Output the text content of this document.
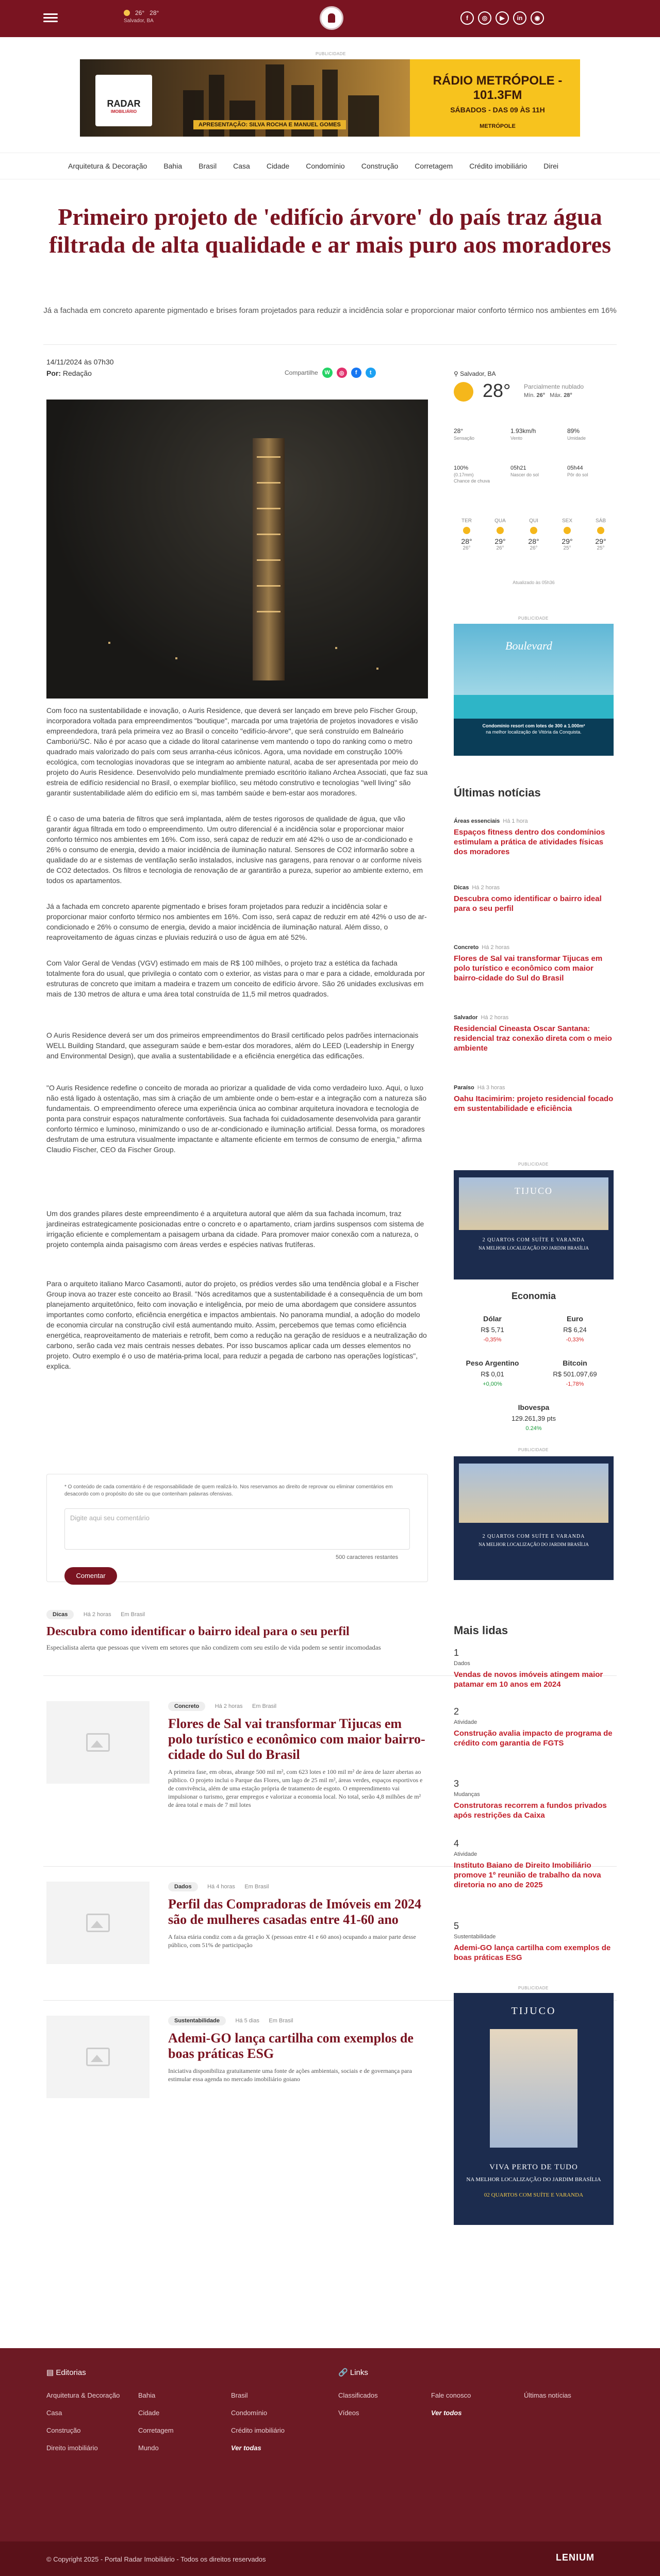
26° 28°
Salvador, BA	f	◎	▶	in	◉
PUBLICIDADE
RADAR
IMOBILIÁRIO
APRESENTAÇÃO: SILVA ROCHA E MANUEL GOMES
RÁDIO METRÓPOLE - 101.3FM

SÁBADOS - DAS 09 ÀS 11H

METRÓPOLE
Arquitetura & Decoração Bahia Brasil Casa Cidade Condomínio Construção Corretagem Crédito imobiliário Direi
Primeiro projeto de 'edifício árvore' do país traz água filtrada de alta qualidade e ar mais puro aos moradores

Já a fachada em concreto aparente pigmentado e brises foram projetados para reduzir a incidência solar e proporcionar maior conforto térmico nos ambientes em 16%

14/11/2024 às 07h30
Por: Redação	Compartilhe	W	◎	f	t

Com foco na sustentabilidade e inovação, o Auris Residence, que deverá ser lançado em breve pelo Fischer Group, incorporadora voltada para empreendimentos "boutique", marcada por uma trajetória de projetos inovadores e visão empreendedora, trará pela primeira vez ao Brasil o conceito "edifício-árvore", que será construído em Balneário Camboriú/SC. Não é por acaso que a cidade do litoral catarinense vem mantendo o topo do ranking como o metro quadrado mais valorizado do país com seus arranha-céus icônicos. Agora, uma novidade em construção 100% ecológica, com tecnologias inovadoras que se integram ao ambiente natural, acaba de ser apresentada por meio do projeto do Auris Residence. Desenvolvido pelo mundialmente premiado escritório italiano Archea Associati, que faz sua estreia de edifício residencial no Brasil, o exemplar biofílico, seu método construtivo e tecnologias "well living" são garantir sustentabilidade além do edifício em si, mas também saúde e bem-estar aos moradores.

É o caso de uma bateria de filtros que será implantada, além de testes rigorosos de qualidade de água, que vão garantir água filtrada em todo o empreendimento. Um outro diferencial é a incidência solar e proporcionar maior conforto térmico nos ambientes em 16%. Com isso, será capaz de reduzir em até 42% o uso de ar-condicionado e 26% o consumo de energia, devido a maior incidência de iluminação natural. Sensores de CO2 informarão sobre a qualidade do ar e sistemas de ventilação serão instalados, inclusive nas garagens, para renovar o ar conforme níveis de CO2 detectados. Os filtros e tecnologia de renovação de ar garantirão a pureza, superior ao ambiente externo, em todos os apartamentos.

Já a fachada em concreto aparente pigmentado e brises foram projetados para reduzir a incidência solar e proporcionar maior conforto térmico nos ambientes em 16%. Com isso, será capaz de reduzir em até 42% o uso de ar-condicionado e 26% o consumo de energia, devido a maior incidência de iluminação natural. Além disso, o reaproveitamento de águas cinzas e pluviais reduzirá o uso de água em até 52%.

Com Valor Geral de Vendas (VGV) estimado em mais de R$ 100 milhões, o projeto traz a estética da fachada totalmente fora do usual, que privilegia o contato com o exterior, as vistas para o mar e para a cidade, emoldurada por estruturas de concreto que imitam a madeira e trazem um conceito de edifício árvore. São 26 unidades exclusivas em mais de 130 metros de altura e uma área total construída de 11,5 mil metros quadrados.

O Auris Residence deverá ser um dos primeiros empreendimentos do Brasil certificado pelos padrões internacionais WELL Building Standard, que asseguram saúde e bem-estar dos moradores, além do LEED (Leadership in Energy and Environmental Design), que avalia a sustentabilidade e a eficiência energética das edificações.

"O Auris Residence redefine o conceito de morada ao priorizar a qualidade de vida como verdadeiro luxo. Aqui, o luxo não está ligado à ostentação, mas sim à criação de um ambiente onde o bem-estar e a integração com a natureza são fundamentais. O empreendimento oferece uma experiência única ao combinar arquitetura inovadora e tecnologia de ponta para construir espaços naturalmente confortáveis. Sua fachada foi cuidadosamente desenvolvida para garantir conforto térmico e luminoso, minimizando o uso de ar-condicionado e iluminação artificial. Dessa forma, os moradores desfrutam de uma estrutura visualmente impactante e altamente eficiente em termos de consumo de energia," afirma Claudio Fischer, CEO da Fischer Group.

Um dos grandes pilares deste empreendimento é a arquitetura autoral que além da sua fachada incomum, traz jardineiras estrategicamente posicionadas entre o concreto e o apartamento, criam jardins suspensos com sistema de irrigação eficiente e complementam a paisagem urbana da cidade. Para promover maior conexão com a natureza, o projeto contempla ainda paisagismo com áreas verdes e espécies nativas frutíferas.

Para o arquiteto italiano Marco Casamonti, autor do projeto, os prédios verdes são uma tendência global e a Fischer Group inova ao trazer este conceito ao Brasil. "Nós acreditamos que a sustentabilidade é a consequência de um bom planejamento arquitetônico, feito com inovação e inteligência, por meio de uma abordagem que considere assuntos importantes como conforto, eficiência energética e impactos ambientais. No panorama mundial, a adoção do modelo de economia circular na construção civil está aumentando muito. Assim, percebemos que temas como eficiência energética, reaproveitamento de materiais e retrofit, bem como a redução na geração de resíduos e a neutralização do carbono, serão cada vez mais centrais nesses debates. Por isso buscamos aplicar cada um desses elementos no projeto. Outro exemplo é o uso de matéria-prima local, para reduzir a pegada de carbono nas operações logísticas", explica.

* O conteúdo de cada comentário é de responsabilidade de quem realizá-lo. Nos reservamos ao direito de reprovar ou eliminar comentários em desacordo com o propósito do site ou que contenham palavras ofensivas.

Digite aqui seu comentário
500 caracteres restantes
Comentar
Dicas	Há 2 horas Em Brasil
Descubra como identificar o bairro ideal para o seu perfil

Especialista alerta que pessoas que vivem em setores que não condizem com seu estilo de vida podem se sentir incomodadas

Concreto	Há 2 horas Em Brasil
Flores de Sal vai transformar Tijucas em polo turístico e econômico com maior bairro-cidade do Sul do Brasil

A primeira fase, em obras, abrange 500 mil m², com 623 lotes e 100 mil m² de área de lazer abertas ao público. O projeto inclui o Parque das Flores, um lago de 25 mil m², áreas verdes, espaços esportivos e de convivência, além de uma estação própria de tratamento de esgoto. O empreendimento vai impulsionar o turismo, gerar empregos e valorizar a economia local. No total, serão 4,8 milhões de m² de área total e mais de 7 mil lotes

Dados	Há 4 horas Em Brasil
Perfil das Compradoras de Imóveis em 2024 são de mulheres casadas entre 41-60 ano

A faixa etária condiz com a da geração X (pessoas entre 41 e 60 anos) ocupando a maior parte desse público, com 51% de participação

Sustentabilidade	Há 5 dias Em Brasil
Ademi-GO lança cartilha com exemplos de boas práticas ESG

Iniciativa disponibiliza gratuitamente uma fonte de ações ambientais, sociais e de governança para estimular essa agenda no mercado imobiliário goiano

⚲ Salvador, BA
28° Parcialmente nublado
Mín. 26° Máx. 28°
28°
Sensação
1.93km/h
Vento
89%
Umidade
100%
(0.17mm)
Chance de chuva
05h21
Nascer do sol
05h44
Pôr do sol
TER
28°
26°
QUA
29°
26°
QUI
28°
26°
SEX
29°
25°
SÁB
29°
25°
Atualizado às 05h36
PUBLICIDADE
Boulevard
Condomínio resort com lotes de 300 a 1.000m²
na melhor localização de Vitória da Conquista.
Últimas notícias
Áreas essenciais Há 1 hora
Espaços fitness dentro dos condomínios estimulam a prática de atividades físicas dos moradores
Dicas Há 2 horas
Descubra como identificar o bairro ideal para o seu perfil
Concreto Há 2 horas
Flores de Sal vai transformar Tijucas em polo turístico e econômico com maior bairro-cidade do Sul do Brasil
Salvador Há 2 horas
Residencial Cineasta Oscar Santana: residencial traz conexão direta com o meio ambiente
Paraíso Há 3 horas
Oahu Itacimirim: projeto residencial focado em sustentabilidade e eficiência
PUBLICIDADE
TIJUCO
2 QUARTOS COM SUÍTE E VARANDA
NA MELHOR LOCALIZAÇÃO DO JARDIM BRASÍLIA
Economia
Dólar
R$ 5,71
-0,35%
Euro
R$ 6,24
-0,33%
Peso Argentino
R$ 0,01
+0,00%
Bitcoin
R$ 501.097,69
-1,78%
Ibovespa
129.261,39 pts
0.24%
PUBLICIDADE
2 QUARTOS COM SUÍTE E VARANDA
NA MELHOR LOCALIZAÇÃO DO JARDIM BRASÍLIA
Mais lidas
1
Dados
Vendas de novos imóveis atingem maior patamar em 10 anos em 2024
2
Atividade
Construção avalia impacto de programa de crédito com garantia de FGTS
3
Mudanças
Construtoras recorrem a fundos privados após restrições da Caixa
4
Atividade
Instituto Baiano de Direito Imobiliário promove 1º reunião de trabalho da nova diretoria no ano de 2025
5
Sustentabilidade
Ademi-GO lança cartilha com exemplos de boas práticas ESG
PUBLICIDADE
TIJUCO
VIVA PERTO DE TUDO
NA MELHOR LOCALIZAÇÃO DO JARDIM BRASÍLIA
02 QUARTOS COM SUÍTE E VARANDA
▤ Editorias	🔗 Links
Arquitetura & Decoração
Casa
Construção
Direito imobiliário
Bahia
Cidade
Corretagem
Mundo
Brasil
Condomínio
Crédito imobiliário
Ver todas
Classificados
Vídeos
Fale conosco
Ver todos
Últimas notícias
© Copyright 2025 - Portal Radar Imobiliário - Todos os direitos reservados	LENIUM
